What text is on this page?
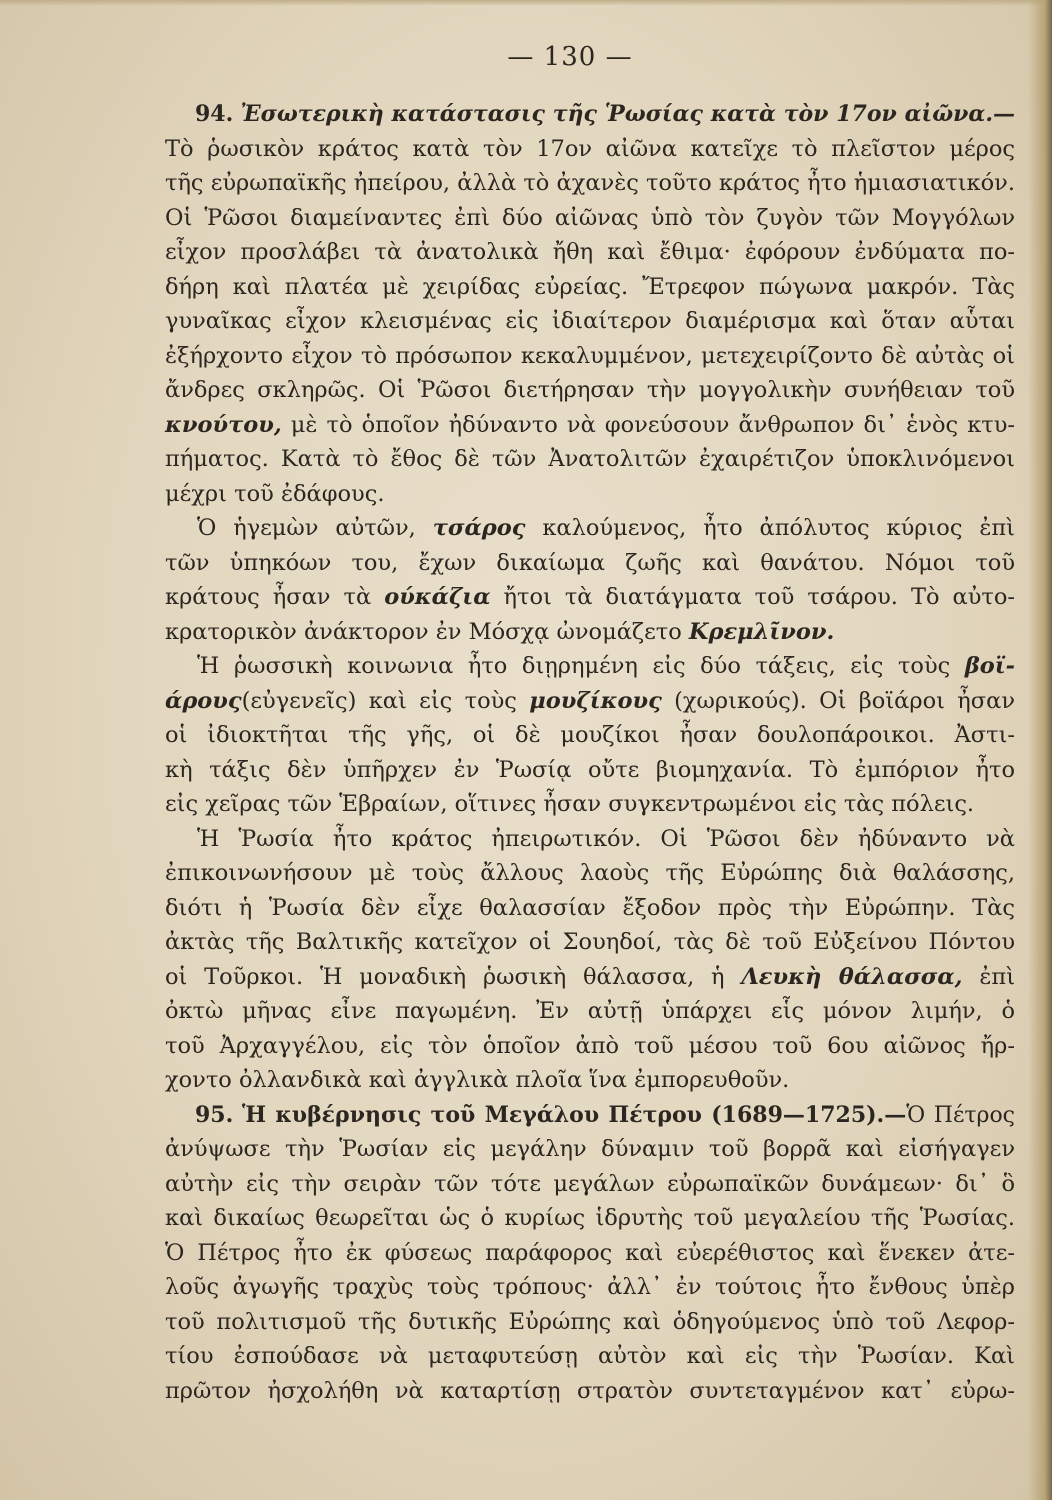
— 130 —
94. Ἐσωτερικὴ κατάστασις τῆς Ῥωσίας κατὰ τὸν 17ον αἰῶνα.—
Τὸ ῥωσικὸν κράτος κατὰ τὸν 17ον αἰῶνα κατεῖχε τὸ πλεῖστον μέρος
τῆς εὐρωπαϊκῆς ἠπείρου, ἀλλὰ τὸ ἀχανὲς τοῦτο κράτος ἦτο ἡμιασιατικόν.
Οἱ Ῥῶσοι διαμείναντες ἐπὶ δύο αἰῶνας ὑπὸ τὸν ζυγὸν τῶν Μογγόλων
εἶχον προσλάβει τὰ ἀνατολικὰ ἤθη καὶ ἔθιμα· ἐφόρουν ἐνδύματα πο-
δήρη καὶ πλατέα μὲ χειρίδας εὐρείας. Ἔτρεφον πώγωνα μακρόν. Τὰς
γυναῖκας εἶχον κλεισμένας εἰς ἰδιαίτερον διαμέρισμα καὶ ὅταν αὗται
ἐξήρχοντο εἶχον τὸ πρόσωπον κεκαλυμμένον, μετεχειρίζοντο δὲ αὐτὰς οἱ
ἄνδρες σκληρῶς. Οἱ Ῥῶσοι διετήρησαν τὴν μογγολικὴν συνήθειαν τοῦ
κνούτου, μὲ τὸ ὁποῖον ἠδύναντο νὰ φονεύσουν ἄνθρωπον δι᾽ ἑνὸς κτυ-
πήματος. Κατὰ τὸ ἔθος δὲ τῶν Ἀνατολιτῶν ἐχαιρέτιζον ὑποκλινόμενοι
μέχρι τοῦ ἐδάφους.
Ὁ ἡγεμὼν αὐτῶν, τσάρος καλούμενος, ἦτο ἀπόλυτος κύριος ἐπὶ
τῶν ὑπηκόων του, ἔχων δικαίωμα ζωῆς καὶ θανάτου. Νόμοι τοῦ
κράτους ἦσαν τὰ ούκάζια ἤτοι τὰ διατάγματα τοῦ τσάρου. Τὸ αὐτο-
κρατορικὸν ἀνάκτορον ἐν Μόσχᾳ ὠνομάζετο Κρεμλῖνον.
Ἡ ῥωσσικὴ κοινωνια ἦτο διῃρημένη εἰς δύο τάξεις, εἰς τοὺς βοϊ-
άρους(εὐγενεῖς) καὶ εἰς τοὺς μουζίκους (χωρικούς). Οἱ βοϊάροι ἦσαν
οἱ ἰδιοκτῆται τῆς γῆς, οἱ δὲ μουζίκοι ἦσαν δουλοπάροικοι. Ἀστι-
κὴ τάξις δὲν ὑπῆρχεν ἐν Ῥωσίᾳ οὔτε βιομηχανία. Τὸ ἐμπόριον ἦτο
εἰς χεῖρας τῶν Ἑβραίων, οἵτινες ἦσαν συγκεντρωμένοι εἰς τὰς πόλεις.
Ἡ Ῥωσία ἦτο κράτος ἠπειρωτικόν. Οἱ Ῥῶσοι δὲν ἠδύναντο νὰ
ἐπικοινωνήσουν μὲ τοὺς ἄλλους λαοὺς τῆς Εὐρώπης διὰ θαλάσσης,
διότι ἡ Ῥωσία δὲν εἶχε θαλασσίαν ἔξοδον πρὸς τὴν Εὐρώπην. Τὰς
ἀκτὰς τῆς Βαλτικῆς κατεῖχον οἱ Σουηδοί, τὰς δὲ τοῦ Εὐξείνου Πόντου
οἱ Τοῦρκοι. Ἡ μοναδικὴ ῥωσικὴ θάλασσα, ἡ Λευκὴ θάλασσα, ἐπὶ
ὀκτὼ μῆνας εἶνε παγωμένη. Ἐν αὐτῇ ὑπάρχει εἷς μόνον λιμήν, ὁ
τοῦ Ἀρχαγγέλου, εἰς τὸν ὁποῖον ἀπὸ τοῦ μέσου τοῦ 6ου αἰῶνος ἤρ-
χοντο ὀλλανδικὰ καὶ ἀγγλικὰ πλοῖα ἵνα ἐμπορευθοῦν.
95. Ἡ κυβέρνησις τοῦ Μεγάλου Πέτρου (1689—1725).—Ὁ Πέτρος
ἀνύψωσε τὴν Ῥωσίαν εἰς μεγάλην δύναμιν τοῦ βορρᾶ καὶ εἰσήγαγεν
αὐτὴν εἰς τὴν σειρὰν τῶν τότε μεγάλων εὐρωπαϊκῶν δυνάμεων· δι᾽ ὃ
καὶ δικαίως θεωρεῖται ὡς ὁ κυρίως ἱδρυτὴς τοῦ μεγαλείου τῆς Ῥωσίας.
Ὁ Πέτρος ἦτο ἐκ φύσεως παράφορος καὶ εὐερέθιστος καὶ ἕνεκεν ἀτε-
λοῦς ἀγωγῆς τραχὺς τοὺς τρόπους· ἀλλ᾽ ἐν τούτοις ἦτο ἔνθους ὑπὲρ
τοῦ πολιτισμοῦ τῆς δυτικῆς Εὐρώπης καὶ ὁδηγούμενος ὑπὸ τοῦ Λεφορ-
τίου ἐσπούδασε νὰ μεταφυτεύσῃ αὐτὸν καὶ εἰς τὴν Ῥωσίαν. Καὶ
πρῶτον ἠσχολήθη νὰ καταρτίσῃ στρατὸν συντεταγμένον κατ᾽ εὐρω-
